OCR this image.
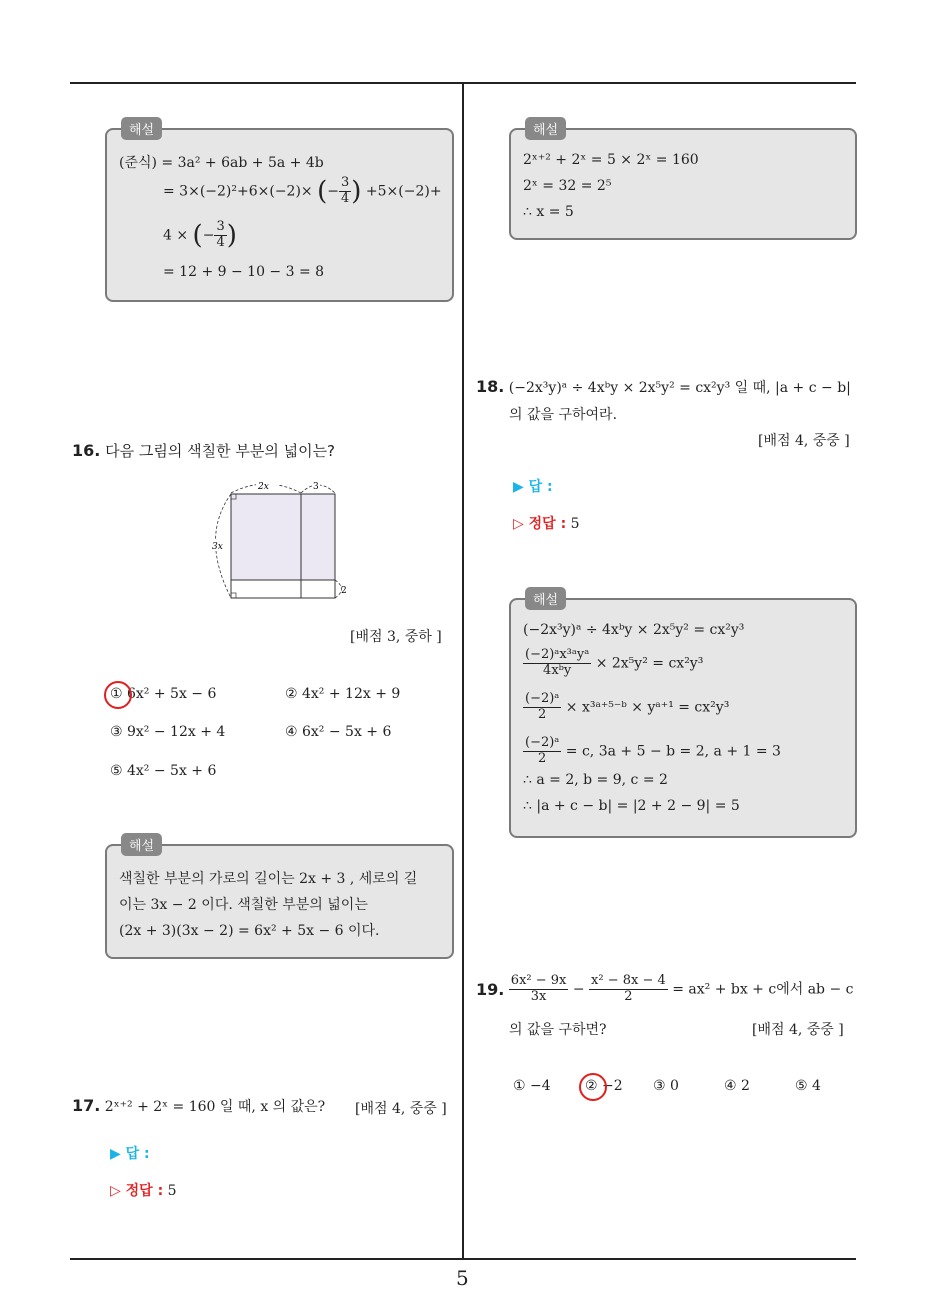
5
해설
(준식) = 3a² + 6ab + 5a + 4b
= 3×(−2)²+6×(−2)× (− $\frac{3}{4}$ ) +5×(−2)+
4 × (− $\frac{3}{4}$ )
= 12 + 9 − 10 − 3 = 8
16. 다음 그림의 색칠한 부분의 넓이는?
2x	3
3x
2
[배점 3, 중하 ]
① 6x² + 5x − 6	② 4x² + 12x + 9
③ 9x² − 12x + 4	④ 6x² − 5x + 6
⑤ 4x² − 5x + 6
해설
색칠한 부분의 가로의 길이는 2x + 3 , 세로의 길
이는 3x − 2 이다. 색칠한 부분의 넓이는
(2x + 3)(3x − 2) = 6x² + 5x − 6 이다.
17. 2ˣ⁺² + 2ˣ = 160 일 때, x 의 값은? [배점 4, 중중 ]
▶ 답 :
▷ 정답 : 5
해설
2ˣ⁺² + 2ˣ = 5 × 2ˣ = 160
2ˣ = 32 = 2⁵
∴ x = 5
18. (−2x³y)ᵃ ÷ 4xᵇy × 2x⁵y² = cx²y³ 일 때, |a + c − b|
의 값을 구하여라.
[배점 4, 중중 ]
▶ 답 :
▷ 정답 : 5
해설
(−2x³y)ᵃ ÷ 4xᵇy × 2x⁵y² = cx²y³
$\frac{\text{(−2)ᵃx³ᵃyᵃ}}{\text{4xᵇy}} \times 2x^5y^2 = cx^2y^3$
$\frac{\text{(−2)ᵃ}}{2}$ × x³ᵃ⁺⁵⁻ᵇ × yᵃ⁺¹ = cx²y³
$\frac{\text{(−2)ᵃ}}{2} = c$, 3a + 5 − b = 2, a + 1 = 3
∴ a = 2, b = 9, c = 2
∴ |a + c − b| = |2 + 2 − 9| = 5
19. $\frac{\text{6x² − 9x}}{3x} - \frac{\text{x² − 8x − 4}}{2} = ax^2$ + bx + c에서 ab − c
의 값을 구하면?	[배점 4, 중중 ]
① −4 ② −2 ③ 0	④ 2	⑤ 4
